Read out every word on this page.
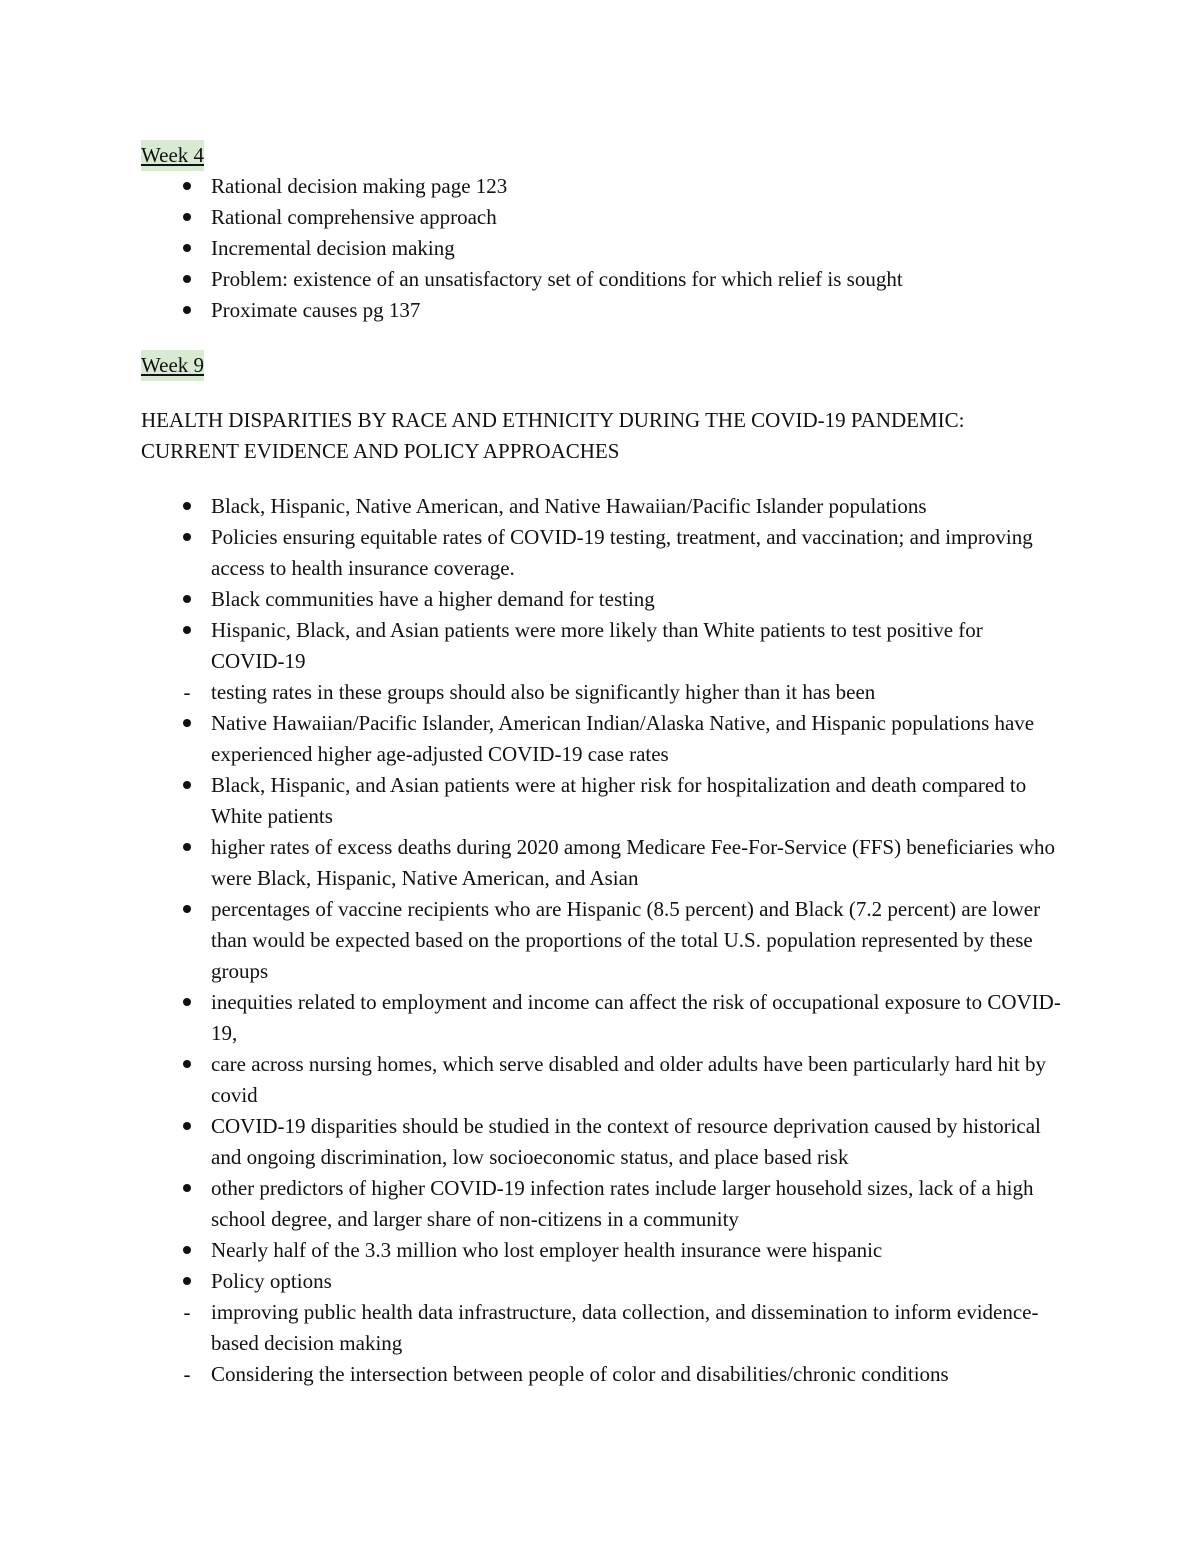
Week 4
Rational decision making page 123
Rational comprehensive approach
Incremental decision making
Problem: existence of an unsatisfactory set of conditions for which relief is sought
Proximate causes pg 137
Week 9

HEALTH DISPARITIES BY RACE AND ETHNICITY DURING THE COVID-19 PANDEMIC: CURRENT EVIDENCE AND POLICY APPROACHES

Black, Hispanic, Native American, and Native Hawaiian/Pacific Islander populations
Policies ensuring equitable rates of COVID-19 testing, treatment, and vaccination; and improving access to health insurance coverage.
Black communities have a higher demand for testing
Hispanic, Black, and Asian patients were more likely than White patients to test positive for COVID-19
-
testing rates in these groups should also be significantly higher than it has been
Native Hawaiian/Pacific Islander, American Indian/Alaska Native, and Hispanic populations have experienced higher age-adjusted COVID-19 case rates
Black, Hispanic, and Asian patients were at higher risk for hospitalization and death compared to White patients
higher rates of excess deaths during 2020 among Medicare Fee-For-Service (FFS) beneficiaries who were Black, Hispanic, Native American, and Asian
percentages of vaccine recipients who are Hispanic (8.5 percent) and Black (7.2 percent) are lower than would be expected based on the proportions of the total U.S. population represented by these groups
inequities related to employment and income can affect the risk of occupational exposure to COVID-19,
care across nursing homes, which serve disabled and older adults have been particularly hard hit by covid
COVID-19 disparities should be studied in the context of resource deprivation caused by historical and ongoing discrimination, low socioeconomic status, and place based risk
other predictors of higher COVID-19 infection rates include larger household sizes, lack of a high school degree, and larger share of non-citizens in a community
Nearly half of the 3.3 million who lost employer health insurance were hispanic
Policy options
-
improving public health data infrastructure, data collection, and dissemination to inform evidence- based decision making
-
Considering the intersection between people of color and disabilities/chronic conditions
